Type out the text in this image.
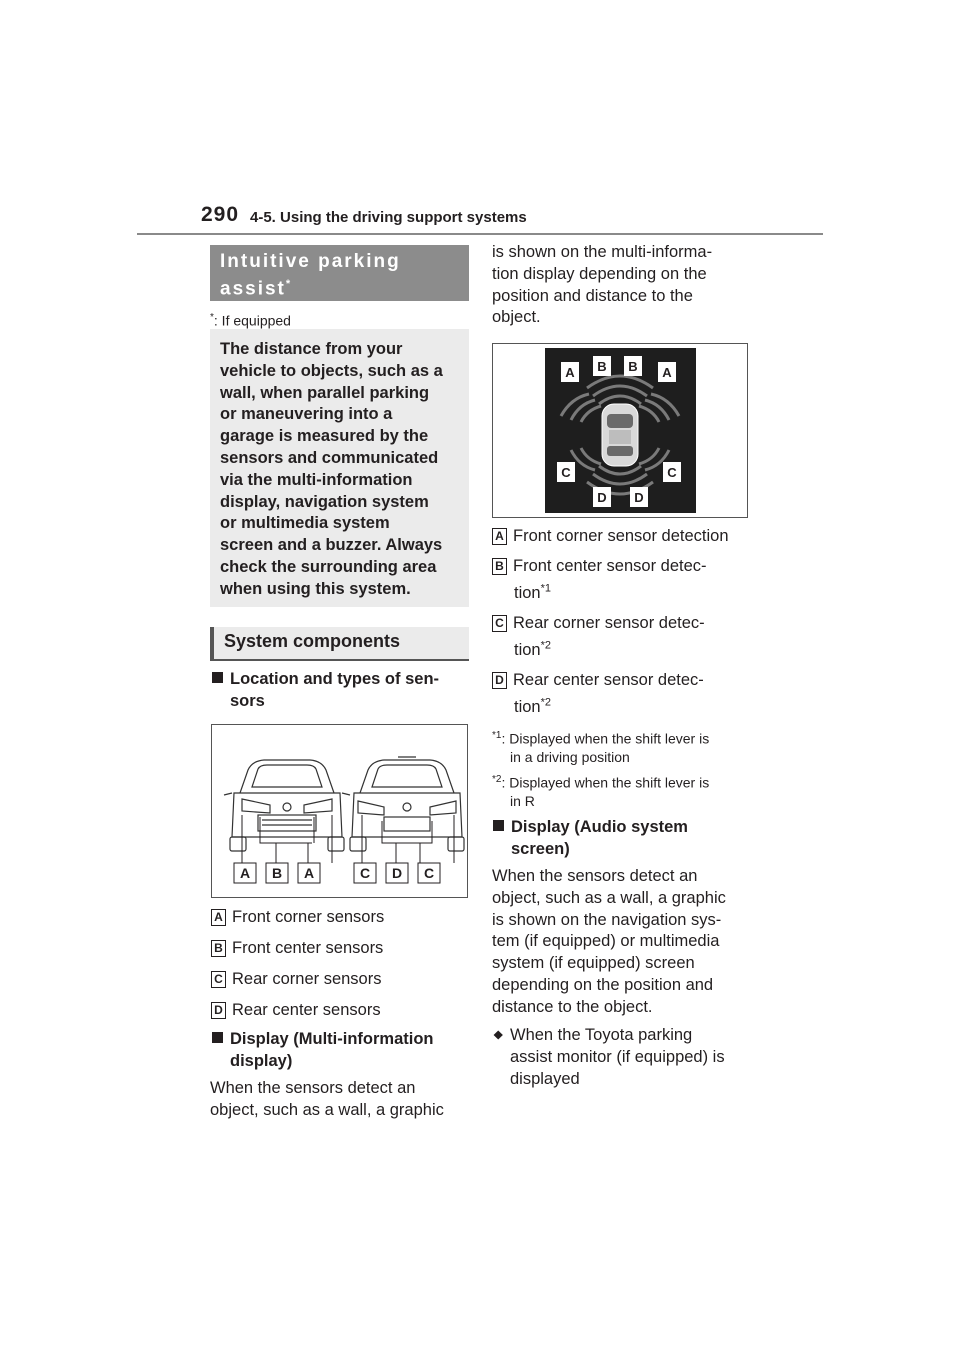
290 4-5. Using the driving support systems
Intuitive parking assist*
*: If equipped
The distance from your
vehicle to objects, such as a
wall, when parallel parking
or maneuvering into a
garage is measured by the
sensors and communicated
via the multi-information
display, navigation system
or multimedia system
screen and a buzzer. Always
check the surrounding area
when using this system.
System components
Location and types of sen-
sors
A B A	C D C
A Front corner sensors
B Front center sensors
C Rear corner sensors
D Rear center sensors
Display (Multi-information
display)
When the sensors detect an
object, such as a wall, a graphic
is shown on the multi-informa-
tion display depending on the
position and distance to the
object.
A B B A
C	C
D D
A Front corner sensor detection
B Front center sensor detec-
tion$^{*1}$
C Rear corner sensor detec-
tion$^{*2}$
D Rear center sensor detec-
tion$^{*2}$
$^{*1}$: Displayed when the shift lever is
in a driving position
$^{*2}$: Displayed when the shift lever is
in R
Display (Audio system
screen)
When the sensors detect an
object, such as a wall, a graphic
is shown on the navigation sys-
tem (if equipped) or multimedia
system (if equipped) screen
depending on the position and
distance to the object.
⯁ When the Toyota parking
assist monitor (if equipped) is
displayed
